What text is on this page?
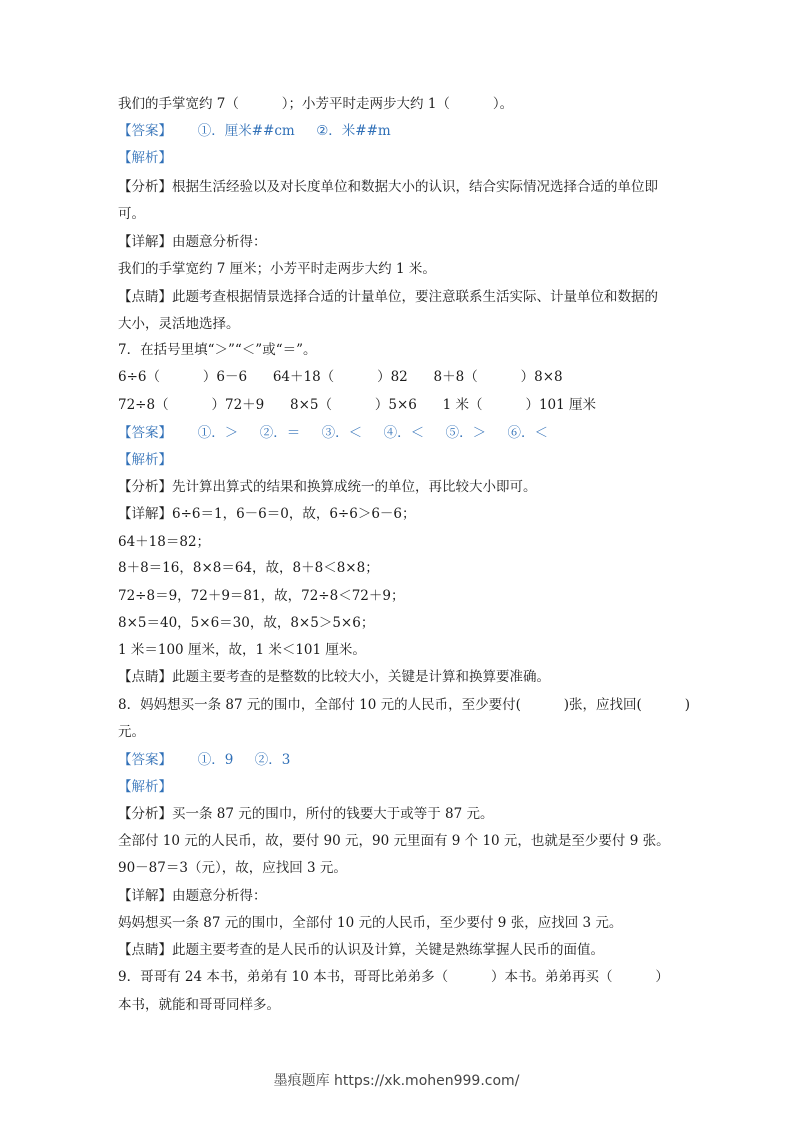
我们的手掌宽约 7（          ）；小芳平时走两步大约 1（          ）。
【答案】      ①．厘米##cm     ②．米##m
【解析】
【分析】根据生活经验以及对长度单位和数据大小的认识，结合实际情况选择合适的单位即
可。
【详解】由题意分析得：
我们的手掌宽约 7 厘米；小芳平时走两步大约 1 米。
【点睛】此题考查根据情景选择合适的计量单位，要注意联系生活实际、计量单位和数据的
大小，灵活地选择。
7．在括号里填“＞”“＜”或“＝”。
6÷6（          ）6－6      64＋18（          ）82      8＋8（          ）8×8
72÷8（          ）72＋9      8×5（          ）5×6      1 米（          ）101 厘米
【答案】      ①．＞     ②．＝     ③．＜     ④．＜     ⑤．＞     ⑥．＜
【解析】
【分析】先计算出算式的结果和换算成统一的单位，再比较大小即可。
【详解】6÷6＝1，6－6＝0，故，6÷6＞6－6；
64＋18＝82；
8＋8＝16，8×8＝64，故，8＋8＜8×8；
72÷8＝9，72＋9＝81，故，72÷8＜72＋9；
8×5＝40，5×6＝30，故，8×5＞5×6；
1 米＝100 厘米，故，1 米＜101 厘米。
【点睛】此题主要考查的是整数的比较大小，关键是计算和换算要准确。
8．妈妈想买一条 87 元的围巾，全部付 10 元的人民币，至少要付(          )张，应找回(          )
元。
【答案】      ①．9     ②．3
【解析】
【分析】买一条 87 元的围巾，所付的钱要大于或等于 87 元。
全部付 10 元的人民币，故，要付 90 元，90 元里面有 9 个 10 元，也就是至少要付 9 张。
90－87＝3（元），故，应找回 3 元。
【详解】由题意分析得：
妈妈想买一条 87 元的围巾，全部付 10 元的人民币，至少要付 9 张，应找回 3 元。
【点睛】此题主要考查的是人民币的认识及计算，关键是熟练掌握人民币的面值。
9．哥哥有 24 本书，弟弟有 10 本书，哥哥比弟弟多（          ）本书。弟弟再买（          ）
本书，就能和哥哥同样多。
墨痕题库 https://xk.mohen999.com/
